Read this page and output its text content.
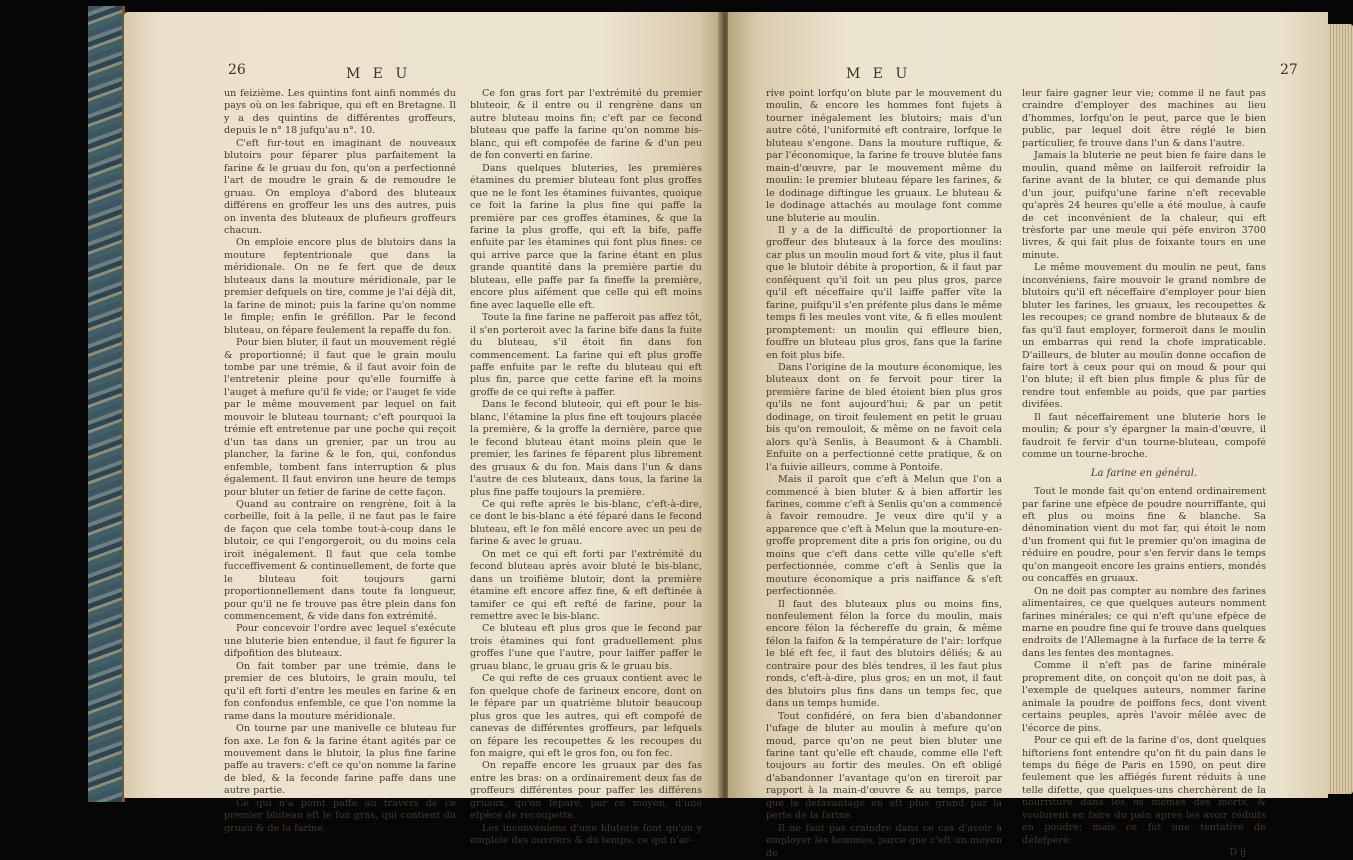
26	M E U

un feizième. Les quintins font ainfi nommés du pays où on les fabrique, qui eft en Bretagne. Il y a des quintins de différentes groffeurs, depuis le n° 18 jufqu'au n°. 10.

C'eft fur-tout en imaginant de nouveaux blutoirs pour féparer plus parfaitement la farine & le gruau du fon, qu'on a perfectionné l'art de moudre le grain & de remoudre le gruau. On employa d'abord des bluteaux différens en groffeur les uns des autres, puis on inventa des bluteaux de plufieurs groffeurs chacun.

On emploie encore plus de blutoirs dans la mouture feptentrionale que dans la méridionale. On ne fe fert que de deux bluteaux dans la mouture méridionale, par le premier defquels on tire, comme je l'ai déjà dit, la farine de minot; puis la farine qu'on nomme le fimple; enfin le gréfillon. Par le fecond bluteau, on fépare feulement la repaffe du fon.

Pour bien bluter, il faut un mouvement réglé & proportionné; il faut que le grain moulu tombe par une trémie, & il faut avoir foin de l'entretenir pleine pour qu'elle fourniffe à l'auget à mefure qu'il fe vide; or l'auget fe vide par le même mouvement par lequel on fait mouvoir le bluteau tournant; c'eft pourquoi la trémie eft entretenue par une poche qui reçoit d'un tas dans un grenier, par un trou au plancher, la farine & le fon, qui, confondus enfemble, tombent fans interruption & plus également. Il faut environ une heure de temps pour bluter un fetier de farine de cette façon.

Quand au contraire on rengrène, foit à la corbeille, foit à la pelle, il ne faut pas le faire de façon que cela tombe tout-à-coup dans le blutoir, ce qui l'engorgeroit, ou du moins cela iroit inégalement. Il faut que cela tombe fucceffivement & continuellement, de forte que le bluteau foit toujours garni proportionnellement dans toute fa longueur, pour qu'il ne fe trouve pas être plein dans fon commencement, & vide dans fon extrémité.

Pour concevoir l'ordre avec lequel s'exécute une bluterie bien entendue, il faut fe figurer la difpofition des bluteaux.

On fait tomber par une trémie, dans le premier de ces blutoirs, le grain moulu, tel qu'il eft forti d'entre les meules en farine & en fon confondus enfemble, ce que l'on nomme la rame dans la mouture méridionale.

On tourne par une manivelle ce bluteau fur fon axe. Le fon & la farine étant agités par ce mouvement dans le blutoir, la plus fine farine paffe au travers: c'eft ce qu'on nomme la farine de bled, & la feconde farine paffe dans une autre partie.

Ce qui n'a point paffé au travers de ce premier bluteau eft le fon gras, qui contient du gruau & de la farine.

Ce fon gras fort par l'extrémité du premier bluteoir, & il entre ou il rengrène dans un autre bluteau moins fin; c'eft par ce fecond bluteau que paffe la farine qu'on nomme bis-blanc, qui eft compofée de farine & d'un peu de fon converti en farine.

Dans quelques bluteries, les premières étamines du premier bluteau font plus groffes que ne le font les étamines fuivantes, quoique ce foit la farine la plus fine qui paffe la première par ces groffes étamines, & que la farine la plus groffe, qui eft la bife, paffe enfuite par les étamines qui font plus fines: ce qui arrive parce que la farine étant en plus grande quantité dans la première partie du bluteau, elle paffe par fa fineffe la première, encore plus aifément que celle qui eft moins fine avec laquelle elle eft.

Toute la fine farine ne pafferoit pas affez tôt, il s'en porteroit avec la farine bife dans la fuite du bluteau, s'il étoit fin dans fon commencement. La farine qui eft plus groffe paffe enfuite par le refte du bluteau qui eft plus fin, parce que cette farine eft la moins groffe de ce qui refte à paffer.

Dans le fecond bluteoir, qui eft pour le bis-blanc, l'étamine la plus fine eft toujours placée la première, & la groffe la dernière, parce que le fecond bluteau étant moins plein que le premier, les farines fe féparent plus librement des gruaux & du fon. Mais dans l'un & dans l'autre de ces bluteaux, dans tous, la farine la plus fine paffe toujours la première.

Ce qui refte après le bis-blanc, c'eft-à-dire, ce dont le bis-blanc a été féparé dans le fecond bluteau, eft le fon mêlé encore avec un peu de farine & avec le gruau.

On met ce qui eft forti par l'extrémité du fecond bluteau après avoir bluté le bis-blanc, dans un troifième blutoir, dont la première étamine eft encore affez fine, & eft deftinée à tamifer ce qui eft refté de farine, pour la remettre avec le bis-blanc.

Ce bluteau eft plus gros que le fecond par trois étamines qui font graduellement plus groffes l'une que l'autre, pour laiffer paffer le gruau blanc, le gruau gris & le gruau bis.

Ce qui refte de ces gruaux contient avec le fon quelque chofe de farineux encore, dont on le fépare par un quatrième blutoir beaucoup plus gros que les autres, qui eft compofé de canevas de différentes groffeurs, par lefquels on fépare les recoupettes & les recoupes du fon maigre, qui eft le gros fon, ou fon fec.

On repaffe encore les gruaux par des fas entre les bras: on a ordinairement deux fas de groffeurs différentes pour paffer les différens gruaux, qu'on fépare, par ce moyen, d'une efpèce de recoupette.

Les inconvéniens d'une bluterie font qu'on y emploie des ouvriers & du temps, ce qui n'ar-

M E U	27

rive point lorfqu'on blute par le mouvement du moulin, & encore les hommes font fujets à tourner inégalement les blutoirs; mais d'un autre côté, l'uniformité eft contraire, lorfque le bluteau s'engone. Dans la mouture ruftique, & par l'économique, la farine fe trouve blutée fans main-d'œuvre, par le mouvement même du moulin: le premier bluteau fépare les farines, & le dodinage diftingue les gruaux. Le bluteau & le dodinage attachés au moulage font comme une bluterie au moulin.

Il y a de la difficulté de proportionner la groffeur des bluteaux à la force des moulins: car plus un moulin moud fort & vite, plus il faut que le blutoir débite à proportion, & il faut par conféquent qu'il foit un peu plus gros, parce qu'il eft néceffaire qu'il laiffe paffer vîte la farine, puifqu'il s'en préfente plus dans le même temps fi les meules vont vite, & fi elles moulent promptement: un moulin qui effleure bien, fouffre un bluteau plus gros, fans que la farine en foit plus bife.

Dans l'origine de la mouture économique, les bluteaux dont on fe fervoit pour tirer la première farine de bled étoient bien plus gros qu'ils ne font aujourd'hui; & par un petit dodinage, on tiroit feulement en petit le gruau bis qu'on remouloit, & même on ne favoit cela alors qu'à Senlis, à Beaumont & à Chambli. Enfuite on a perfectionné cette pratique, & on l'a fuivie ailleurs, comme à Pontoife.

Mais il paroît que c'eft à Melun que l'on a commencé à bien bluter & à bien affortir les farines, comme c'eft à Senlis qu'on a commencé à favoir remoudre. Je veux dire qu'il y a apparence que c'eft à Melun que la mouture-en-groffe proprement dite a pris fon origine, ou du moins que c'eft dans cette ville qu'elle s'eft perfectionnée, comme c'eft à Senlis que la mouture économique a pris naiffance & s'eft perfectionnée.

Il faut des bluteaux plus ou moins fins, nonfeulement félon la force du moulin, mais encore félon la fécherefſe du grain, & même félon la faifon & la température de l'air: lorfque le blé eft fec, il faut des blutoirs déliés; & au contraire pour des blés tendres, il les faut plus ronds, c'eft-à-dire, plus gros; en un mot, il faut des blutoirs plus fins dans un temps fec, que dans un temps humide.

Tout confidéré, on fera bien d'abandonner l'ufage de bluter au moulin à mefure qu'on moud, parce qu'on ne peut bien bluter une farine tant qu'elle eft chaude, comme elle l'eft toujours au fortir des meules. On eft obligé d'abandonner l'avantage qu'on en tireroit par rapport à la main-d'œuvre & au temps, parce que le défavantage en eft plus grand par la perte de la farine.

Il ne faut pas craindre dans ce cas d'avoir à employer les hommes, parce que c'eft un moyen de

leur faire gagner leur vie; comme il ne faut pas craindre d'employer des machines au lieu d'hommes, lorfqu'on le peut, parce que le bien public, par lequel doit être réglé le bien particulier, fe trouve dans l'un & dans l'autre.

Jamais la bluterie ne peut bien fe faire dans le moulin, quand même on lailferoit refroidir la farine avant de la bluter, ce qui demande plus d'un jour, puifqu'une farine n'eft recevable qu'après 24 heures qu'elle a été moulue, à caufe de cet inconvénient de la chaleur, qui eft trèsforte par une meule qui péfe environ 3700 livres, & qui fait plus de foixante tours en une minute.

Le même mouvement du moulin ne peut, fans inconvéniens, faire mouvoir le grand nombre de blutoirs qu'il eft néceffaire d'employer pour bien bluter les farines, les gruaux, les recoupettes & les recoupes; ce grand nombre de bluteaux & de fas qu'il faut employer, formeroit dans le moulin un embarras qui rend la chofe impraticable. D'ailleurs, de bluter au moulin donne occafion de faire tort à ceux pour qui on moud & pour qui l'on blute; il eft bien plus fimple & plus fûr de rendre tout enfemble au poids, que par parties divifées.

Il faut néceffairement une bluterie hors le moulin; & pour s'y épargner la main-d'œuvre, il faudroit fe fervir d'un tourne-bluteau, compofé comme un tourne-broche.

La farine en général.

Tout le monde fait qu'on entend ordinairement par farine une efpèce de poudre nourriffante, qui eft plus ou moins fine & blanche. Sa dénomination vient du mot far, qui étoit le nom d'un froment qui fut le premier qu'on imagina de réduire en poudre, pour s'en fervir dans le temps qu'on mangeoit encore les grains entiers, mondés ou concaffés en gruaux.

On ne doit pas compter au nombre des farines alimentaires, ce que quelques auteurs nomment farines minérales; ce qui n'eft qu'une efpèce de marne en poudre fine qui fe trouve dans quelques endroits de l'Allemagne à la furface de la terre & dans les fentes des montagnes.

Comme il n'eft pas de farine minérale proprement dite, on conçoit qu'on ne doit pas, à l'exemple de quelques auteurs, nommer farine animale la poudre de poiffons fecs, dont vivent certains peuples, après l'avoir mêlée avec de l'écorce de pins.

Pour ce qui eft de la farine d'os, dont quelques hiftoriens font entendre qu'on fit du pain dans le temps du fiége de Paris en 1590, on peut dire feulement que les affiégés furent réduits à une telle difette, que quelques-uns cherchèrent de la nourriture dans les os mêmes des morts, & voulurent en faire du pain après les avoir réduits en poudre; mais ce fut une tentative de défefpéré:

D ij
